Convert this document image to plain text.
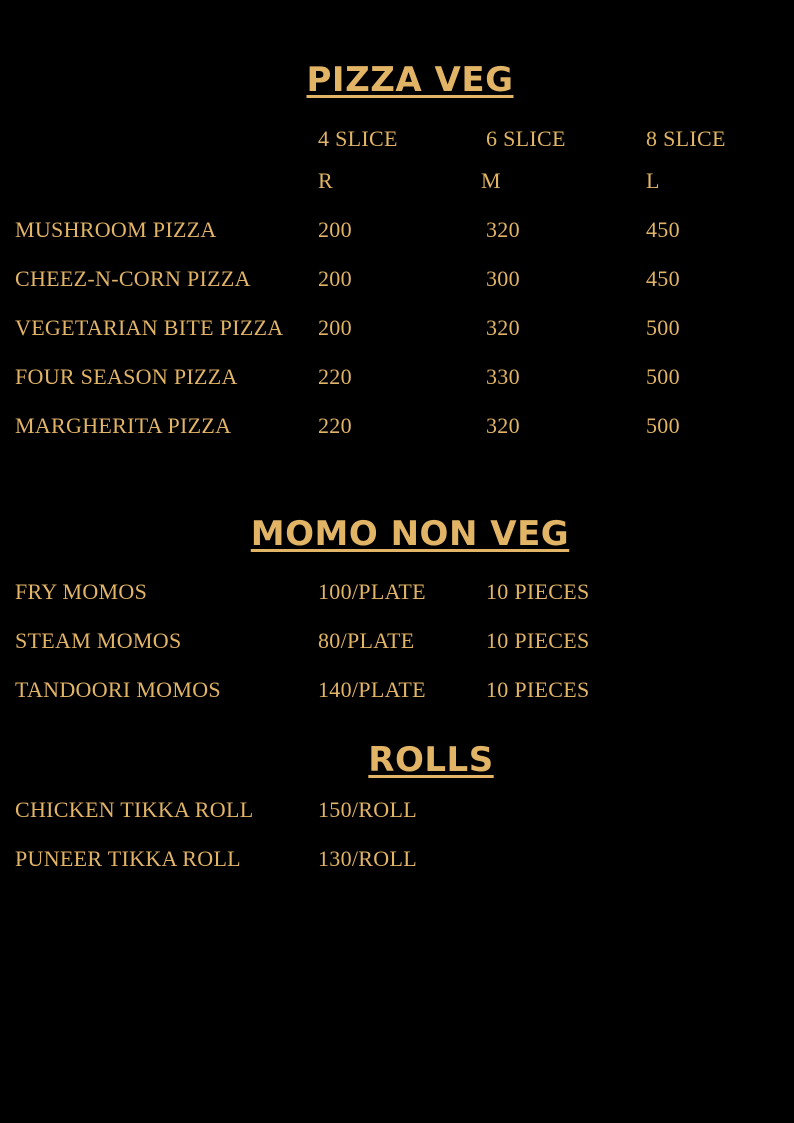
PIZZA VEG
4 SLICE	6 SLICE	8 SLICE
R	M	L
MUSHROOM PIZZA	200	320	450
CHEEZ-N-CORN PIZZA	200	300	450
VEGETARIAN BITE PIZZA 200	320	500
FOUR SEASON PIZZA	220	330	500
MARGHERITA PIZZA	220	320	500
MOMO NON VEG
FRY MOMOS	100/PLATE	10 PIECES
STEAM MOMOS	80/PLATE	10 PIECES
TANDOORI MOMOS	140/PLATE	10 PIECES
ROLLS
CHICKEN TIKKA ROLL	150/ROLL
PUNEER TIKKA ROLL	130/ROLL
